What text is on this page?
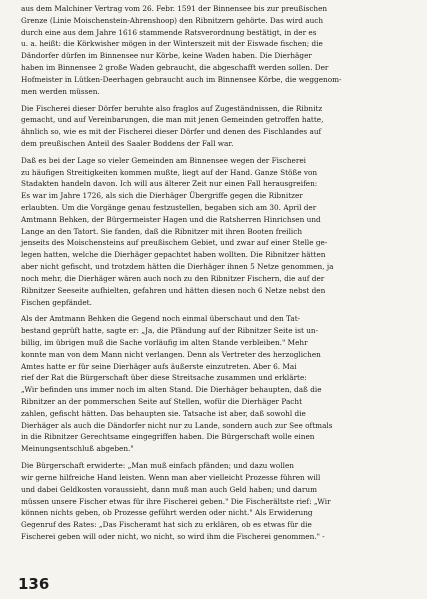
aus dem Malchiner Vertrag vom 26. Febr. 1591 der Binnensee bis zur preußischen
Grenze (Linie Moischenstein-Ahrenshoop) den Ribnitzern gehörte. Das wird auch
durch eine aus dem Jahre 1616 stammende Ratsverordnung bestätigt, in der es
u. a. heißt: die Körkwisher mögen in der Winterszeit mit der Eiswade fischen; die
Dändorfer dürfen im Binnensee nur Körbe, keine Waden haben. Die Dierhäger
haben im Binnensee 2 große Waden gebraucht, die abgeschafft werden sollen. Der
Hofmeister in Lütken-Deerhagen gebraucht auch im Binnensee Körbe, die weggenom-
men werden müssen.
Die Fischerei dieser Dörfer beruhte also fraglos auf Zugeständnissen, die Ribnitz
gemacht, und auf Vereinbarungen, die man mit jenen Gemeinden getroffen hatte,
ähnlich so, wie es mit der Fischerei dieser Dörfer und denen des Fischlandes auf
dem preußischen Anteil des Saaler Boddens der Fall war.
Daß es bei der Lage so vieler Gemeinden am Binnensee wegen der Fischerei
zu häufigen Streitigkeiten kommen mußte, liegt auf der Hand. Ganze Stöße von
Stadakten handeln davon. Ich will aus älterer Zeit nur einen Fall herausgreifen:
Es war im Jahre 1726, als sich die Dierhäger Übergriffe gegen die Ribnitzer
erlaubten. Um die Vorgänge genau festzustellen, begaben sich am 30. April der
Amtmann Behken, der Bürgermeister Hagen und die Ratsherren Hinrichsen und
Lange an den Tatort. Sie fanden, daß die Ribnitzer mit ihren Booten freilich
jenseits des Moischensteins auf preußischem Gebiet, und zwar auf einer Stelle ge-
legen hatten, welche die Dierhäger gepachtet haben wollten. Die Ribnitzer hätten
aber nicht gefischt, und trotzdem hätten die Dierhäger ihnen 5 Netze genommen, ja
noch mehr, die Dierhäger wären auch noch zu den Ribnitzer Fischern, die auf der
Ribnitzer Seeseite aufhielten, gefahren und hätten diesen noch 6 Netze nebst den
Fischen gepfändet.
Als der Amtmann Behken die Gegend noch einmal überschaut und den Tat-
bestand geprüft hatte, sagte er: „Ja, die Pfändung auf der Ribnitzer Seite ist un-
billig, im übrigen muß die Sache vorläufig im alten Stande verbleiben." Mehr
konnte man von dem Mann nicht verlangen. Denn als Vertreter des herzoglichen
Amtes hatte er für seine Dierhäger aufs äußerste einzutreten. Aber 6. Mai
rief der Rat die Bürgerschaft über diese Streitsache zusammen und erklärte:
„Wir befinden uns immer noch im alten Stand. Die Dierhäger behaupten, daß die
Ribnitzer an der pommerschen Seite auf Stellen, wofür die Dierhäger Pacht
zahlen, gefischt hätten. Das behaupten sie. Tatsache ist aber, daß sowohl die
Dierhäger als auch die Dändorfer nicht nur zu Lande, sondern auch zur See oftmals
in die Ribnitzer Gerechtsame eingegriffen haben. Die Bürgerschaft wolle einen
Meinungsentschluß abgeben."
Die Bürgerschaft erwiderte: „Man muß einfach pfänden; und dazu wollen
wir gerne hilfreiche Hand leisten. Wenn man aber vielleicht Prozesse führen will
und dabei Geldkosten voraussieht, dann muß man auch Geld haben; und darum
müssen unsere Fischer etwas für ihre Fischerei geben." Die Fischerältste rief: „Wir
können nichts geben, ob Prozesse geführt werden oder nicht." Als Erwiderung
Gegenruf des Rates: „Das Fischeramt hat sich zu erklären, ob es etwas für die
Fischerei geben will oder nicht, wo nicht, so wird ihm die Fischerei genommen." -
136
